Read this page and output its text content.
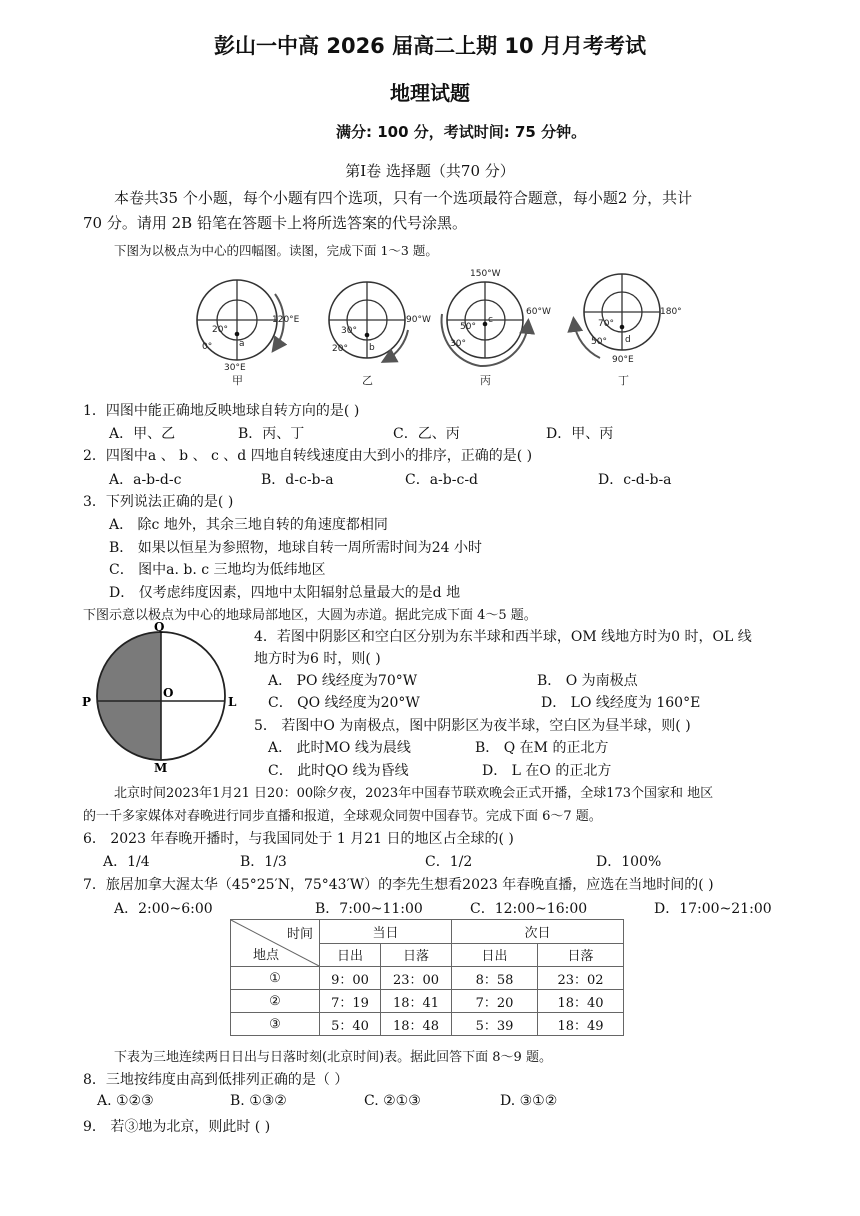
彭山一中高 2026 届高二上期 10 月月考考试
地理试题
满分: 100 分，考试时间: 75 分钟。
第Ⅰ卷 选择题（共70 分）
本卷共35 个小题，每个小题有四个选项，只有一个选项最符合题意，每小题2 分，共计
70 分。请用 2B 铅笔在答题卡上将所选答案的代号涂黑。
下图为以极点为中心的四幅图。读图，完成下面 1～3 题。
120°E
30°E
0°
20°
a
甲
90°W
20°
30°
b
乙
150°W
60°W
30°
50°
c
丙
180°
90°E
50°
70°
d
丁
1．四图中能正确地反映地球自转方向的是( )
A．甲、乙	B．丙、丁	C．乙、丙	D．甲、丙
2．四图中a 、 b 、 c 、d 四地自转线速度由大到小的排序，正确的是( )
A．a-b-d-c	B．d-c-b-a	C．a-b-c-d	D．c-d-b-a
3．下列说法正确的是( )
A． 除c 地外，其余三地自转的角速度都相同
B． 如果以恒星为参照物，地球自转一周所需时间为24 小时
C． 图中a. b. c 三地均为低纬地区
D． 仅考虑纬度因素，四地中太阳辐射总量最大的是d 地
下图示意以极点为中心的地球局部地区，大圆为赤道。据此完成下面 4～5 题。
Q
P
O
L
M
4．若图中阴影区和空白区分别为东半球和西半球，OM 线地方时为0 时，OL 线
地方时为6 时，则( )
A． PO 线经度为70°W	B． O 为南极点
C． QO 线经度为20°W	D． LO 线经度为 160°E
5． 若图中O 为南极点，图中阴影区为夜半球，空白区为昼半球，则( )
A． 此时MO 线为晨线	B． Q 在M 的正北方
C． 此时QO 线为昏线	D． L 在O 的正北方
北京时间2023年1月21 日20：00除夕夜，2023年中国春节联欢晚会正式开播，全球173个国家和 地区
的一千多家媒体对春晚进行同步直播和报道，全球观众同贺中国春节。完成下面 6～7 题。
6． 2023 年春晚开播时，与我国同处于 1 月21 日的地区占全球的( )
A．1/4	B．1/3	C．1/2	D．100%
7．旅居加拿大渥太华（45°25′N，75°43′W）的李先生想看2023 年春晚直播，应选在当地时间的( )
A．2:00~6:00	B．7:00~11:00	C．12:00~16:00	D．17:00~21:00
时间
地点	当日		次日	
	日出	日落	日出	日落
①	9：00	23：00	8：58	23：02
②	7：19	18：41	7：20	18：40
③	5：40	18：48	5：39	18：49
下表为三地连续两日日出与日落时刻(北京时间)表。据此回答下面 8～9 题。
8．三地按纬度由高到低排列正确的是（ ）
A. ①②③	B. ①③②	C. ②①③	D. ③①②
9． 若③地为北京，则此时 ( )
